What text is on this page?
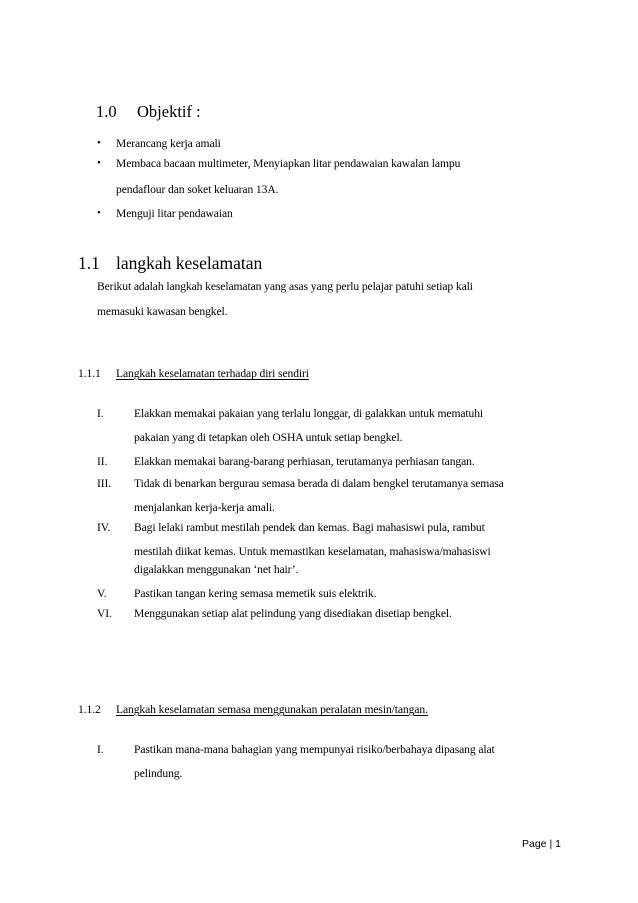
1.0 Objektif :
• Merancang kerja amali
• Membaca bacaan multimeter, Menyiapkan litar pendawaian kawalan lampu
pendaflour dan soket keluaran 13A.
• Menguji litar pendawaian
1.1 langkah keselamatan
Berikut adalah langkah keselamatan yang asas yang perlu pelajar patuhi setiap kali
memasuki kawasan bengkel.
1.1.1 Langkah keselamatan terhadap diri sendiri
I.	Elakkan memakai pakaian yang terlalu longgar, di galakkan untuk mematuhi
pakaian yang di tetapkan oleh OSHA untuk setiap bengkel.
II. Elakkan memakai barang-barang perhiasan, terutamanya perhiasan tangan.
III. Tidak di benarkan bergurau semasa berada di dalam bengkel terutamanya semasa
menjalankan kerja-kerja amali.
IV. Bagi lelaki rambut mestilah pendek dan kemas. Bagi mahasiswi pula, rambut
mestilah diikat kemas. Untuk memastikan keselamatan, mahasiswa/mahasiswi
digalakkan menggunakan ‘net hair’.
V. Pastikan tangan kering semasa memetik suis elektrik.
VI. Menggunakan setiap alat pelindung yang disediakan disetiap bengkel.
1.1.2 Langkah keselamatan semasa menggunakan peralatan mesin/tangan.
I.	Pastikan mana-mana bahagian yang mempunyai risiko/berbahaya dipasang alat
pelindung.
Page | 1
